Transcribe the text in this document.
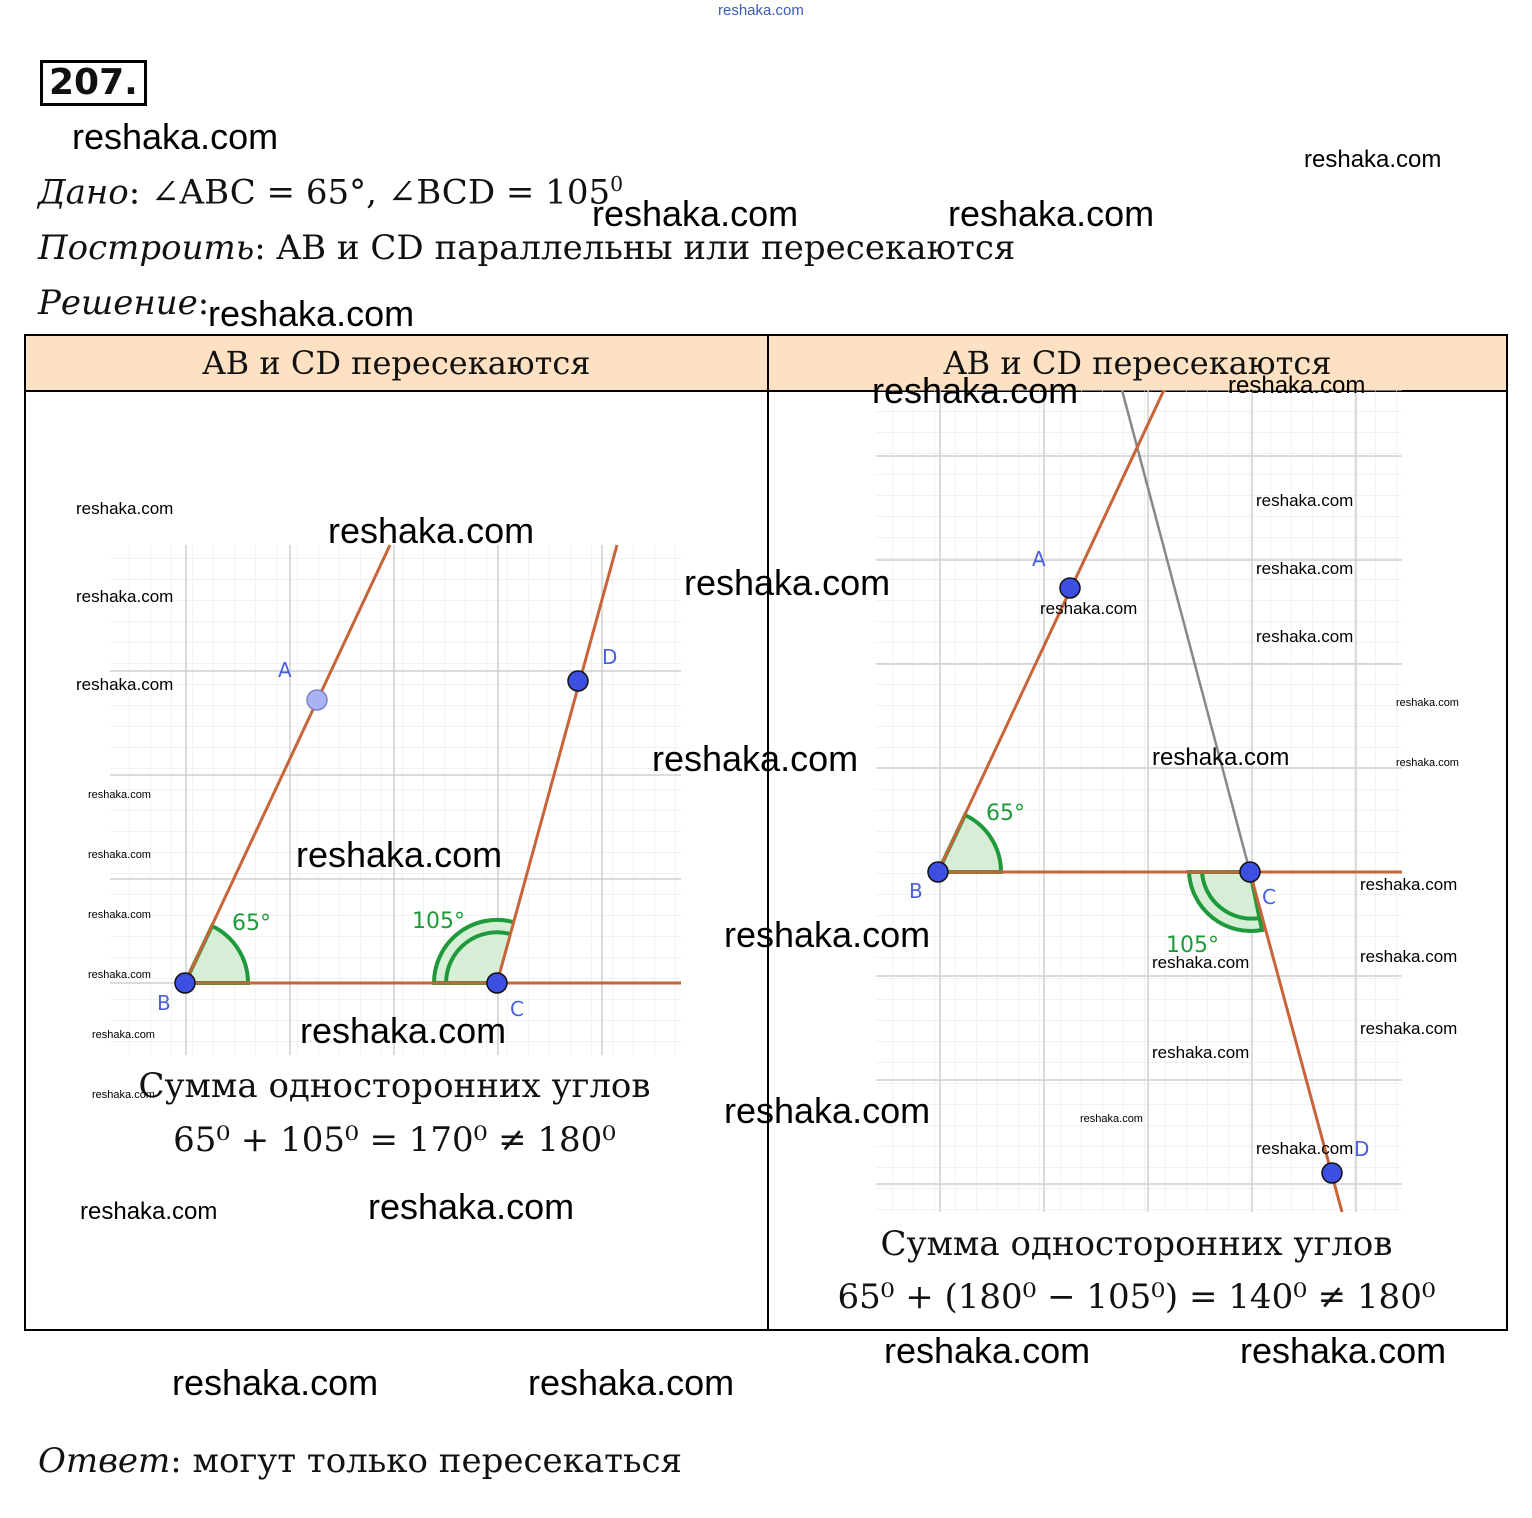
reshaka.com
207.
Дано: ∠ABC = 65°, ∠BCD = $105^0$
Построить: AB и CD параллельны или пересекаются
Решение:
AB и CD пересекаются	AB и CD пересекаются

B	C
D
A
65°	105°
Сумма односторонних углов
65⁰ + 105⁰ = 170⁰ ≠ 180⁰
B	C
A
D
65°
105°
Сумма односторонних углов
65⁰ + (180⁰ − 105⁰) = 140⁰ ≠ 180⁰
Ответ: могут только пересекаться
reshaka.com
reshaka.com
reshaka.com	reshaka.com
reshaka.com
reshaka.com	reshaka.com
reshaka.com
reshaka.com
reshaka.com
reshaka.com	reshaka.com
reshaka.com
reshaka.com
reshaka.com
reshaka.com
reshaka.com
reshaka.com	reshaka.com	reshaka.com
reshaka.com
reshaka.com
reshaka.com
reshaka.com
reshaka.com	reshaka.com
reshaka.com
reshaka.com
reshaka.com
reshaka.com	reshaka.com
reshaka.com
reshaka.com
reshaka.com	reshaka.com	reshaka.com
reshaka.com
reshaka.com
reshaka.com
reshaka.com	reshaka.com
reshaka.com	reshaka.com
